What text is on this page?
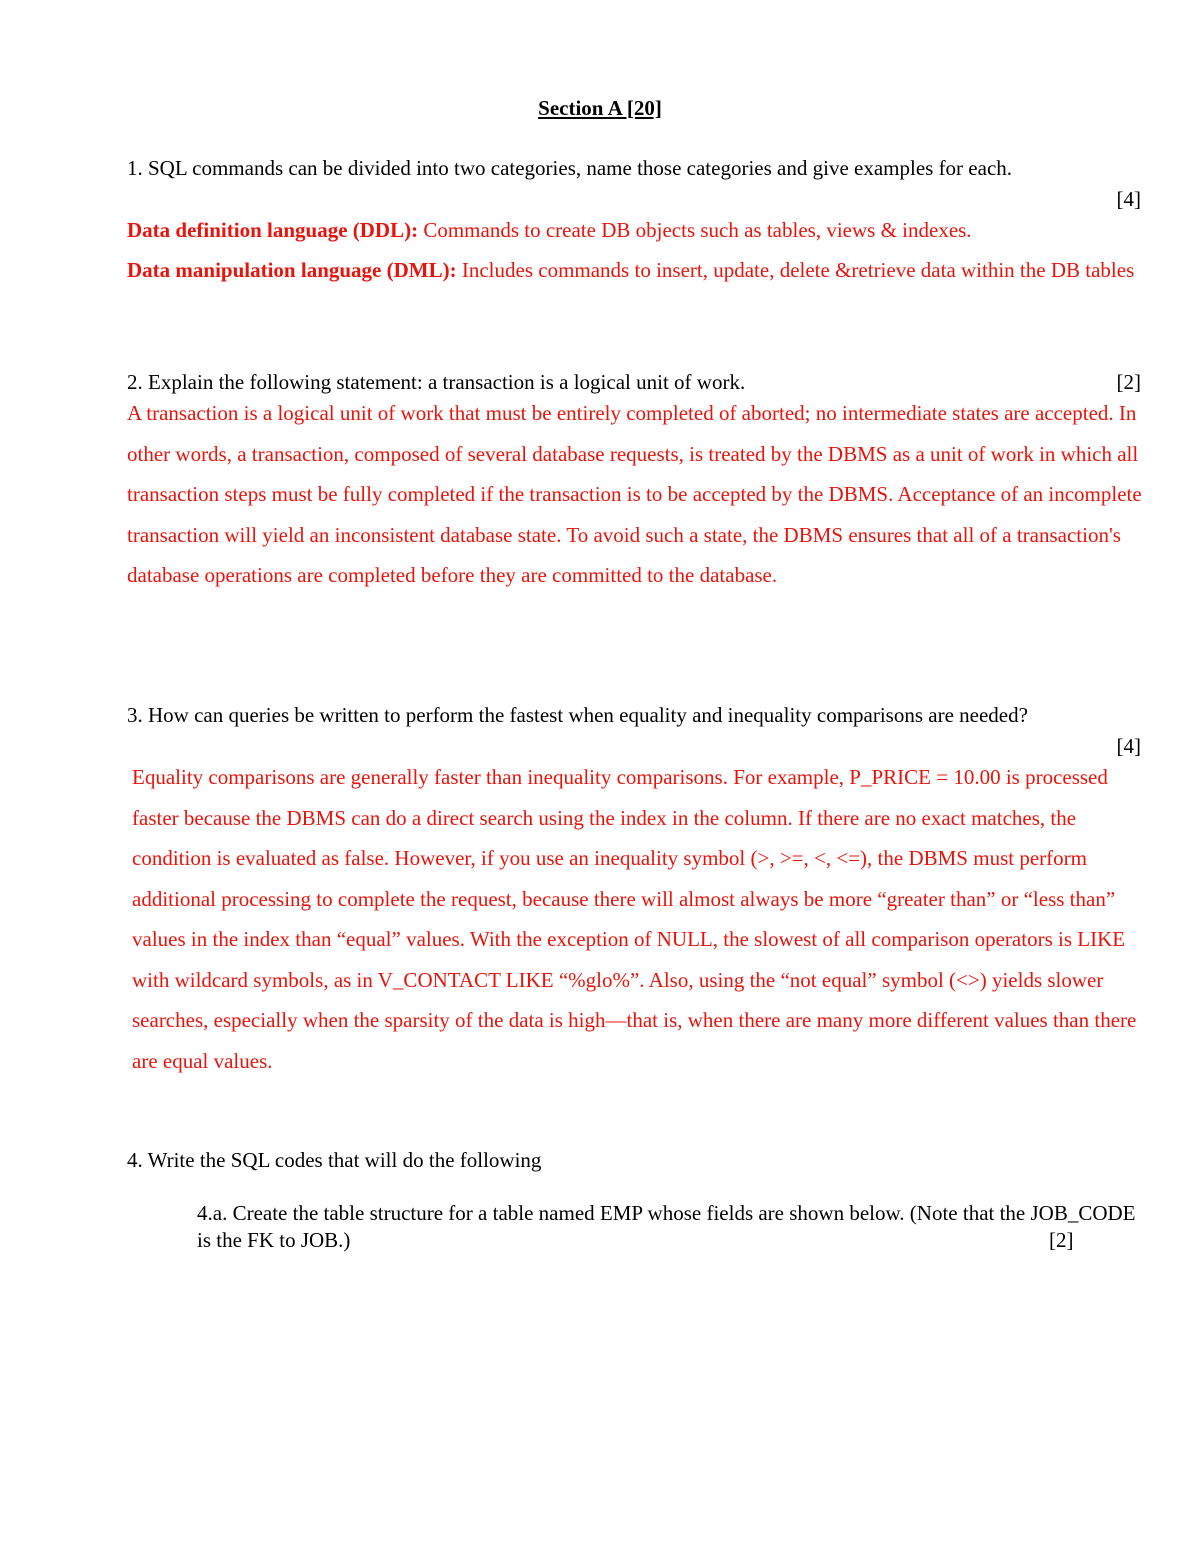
Section A [20]

1. SQL commands can be divided into two categories, name those categories and give examples for each.

[4]

Data definition language (DDL): Commands to create DB objects such as tables, views & indexes.

Data manipulation language (DML): Includes commands to insert, update, delete &retrieve data within the DB tables

2. Explain the following statement: a transaction is a logical unit of work.	[2]

A transaction is a logical unit of work that must be entirely completed of aborted; no intermediate states are accepted. In other words, a transaction, composed of several database requests, is treated by the DBMS as a unit of work in which all transaction steps must be fully completed if the transaction is to be accepted by the DBMS. Acceptance of an incomplete transaction will yield an inconsistent database state. To avoid such a state, the DBMS ensures that all of a transaction's database operations are completed before they are committed to the database.

3. How can queries be written to perform the fastest when equality and inequality comparisons are needed?

[4]

Equality comparisons are generally faster than inequality comparisons. For example, P_PRICE = 10.00 is processed faster because the DBMS can do a direct search using the index in the column. If there are no exact matches, the condition is evaluated as false. However, if you use an inequality symbol (>, >=, <, <=), the DBMS must perform additional processing to complete the request, because there will almost always be more “greater than” or “less than” values in the index than “equal” values. With the exception of NULL, the slowest of all comparison operators is LIKE with wildcard symbols, as in V_CONTACT LIKE “%glo%”. Also, using the “not equal” symbol (<>) yields slower searches, especially when the sparsity of the data is high—that is, when there are many more different values than there are equal values.

4. Write the SQL codes that will do the following

4.a. Create the table structure for a table named EMP whose fields are shown below. (Note that the JOB_CODE is the FK to JOB.)	[2]
